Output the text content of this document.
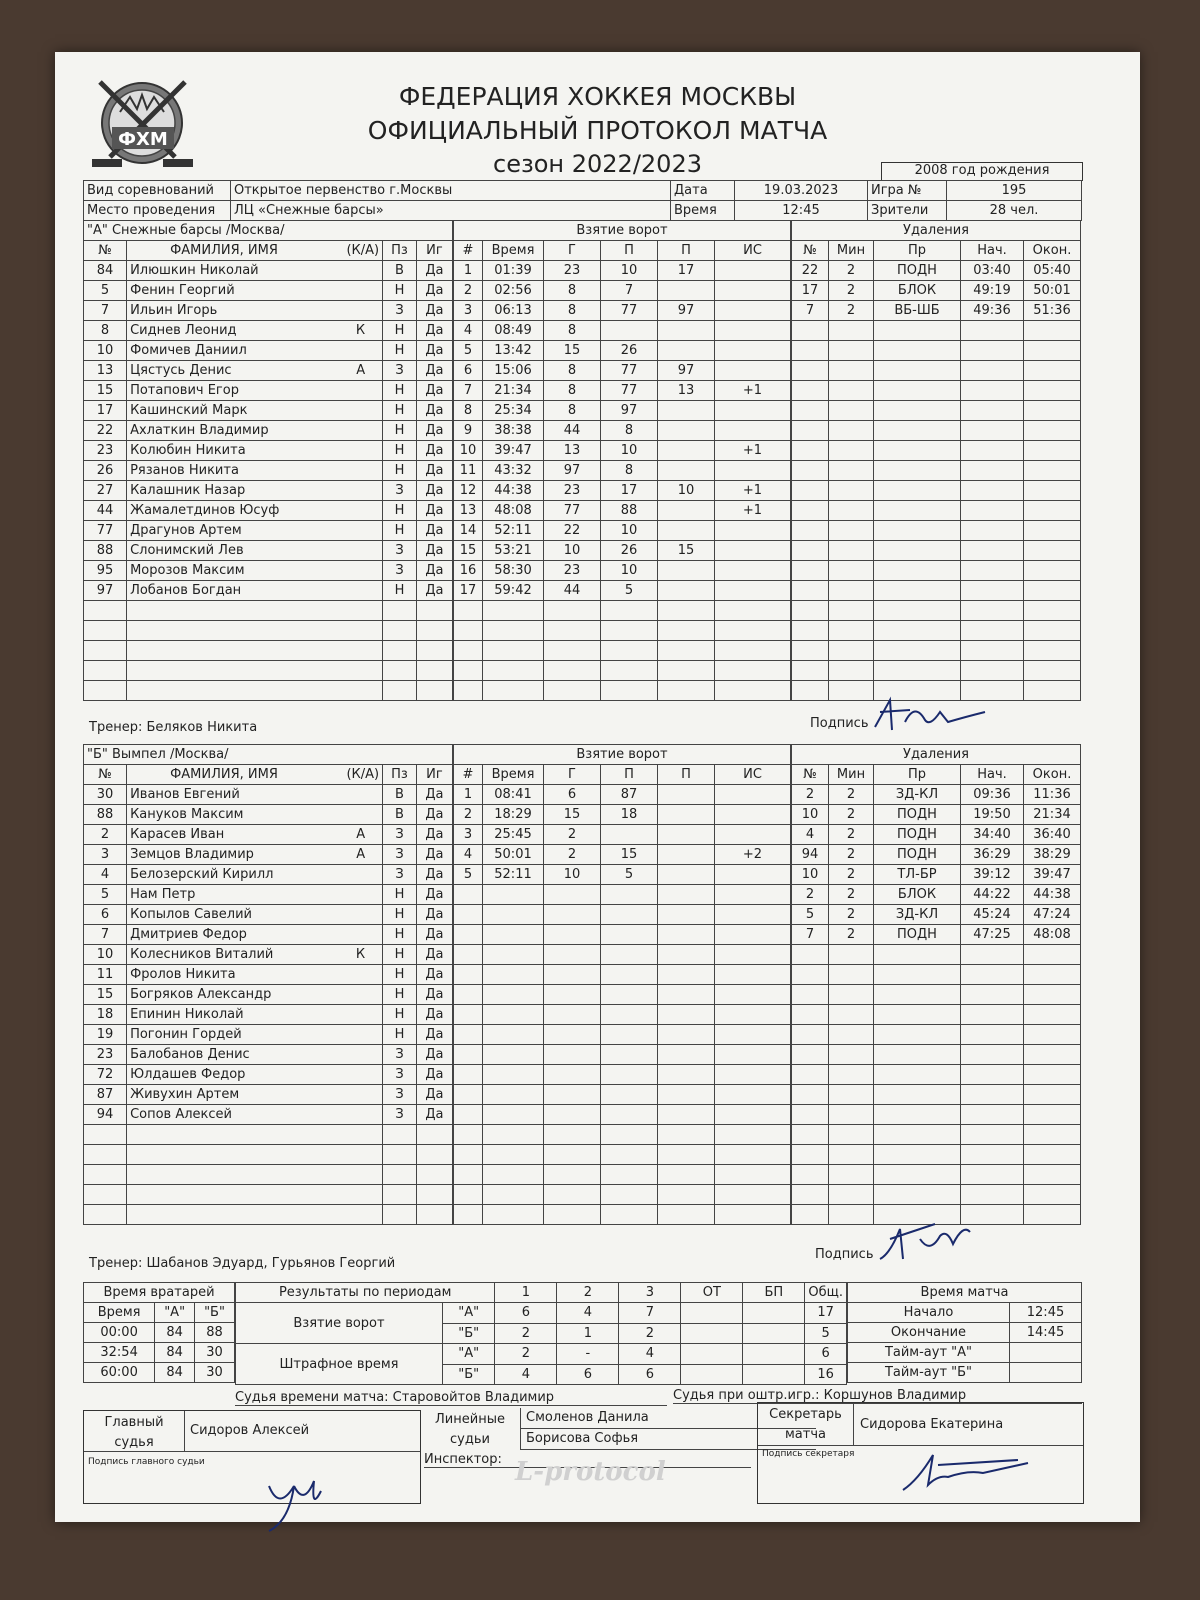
ФХМ
ФЕДЕРАЦИЯ ХОККЕЯ МОСКВЫ
ОФИЦИАЛЬНЫЙ ПРОТОКОЛ МАТЧА
сезон 2022/2023	2008 год рождения
Вид соревнований	Открытое первенство г.Москвы	Дата	19.03.2023	Игра №	195
Место проведения	ЛЦ «Снежные барсы»	Время	12:45	Зрители	28 чел.
"А" Снежные барсы /Москва/			
№	ФАМИЛИЯ, ИМЯ (К/А)	Пз	Иг
84	Илюшкин Николай	В	Да
5	Фенин Георгий	Н	Да
7	Ильин Игорь	З	Да
8	Сиднев Леонид К	Н	Да
10	Фомичев Даниил	Н	Да
13	Цястусь Денис А	З	Да
15	Потапович Егор	Н	Да
17	Кашинский Марк	Н	Да
22	Ахлаткин Владимир	Н	Да
23	Колюбин Никита	Н	Да
26	Рязанов Никита	Н	Да
27	Калашник Назар	З	Да
44	Жамалетдинов Юсуф	Н	Да
77	Драгунов Артем	Н	Да
88	Слонимский Лев	З	Да
95	Морозов Максим	З	Да
97	Лобанов Богдан	Н	Да

Взятие ворот					
#	Время	Г	П	П	ИС
1	01:39	23	10	17	
2	02:56	8	7		
3	06:13	8	77	97	
4	08:49	8			
5	13:42	15	26		
6	15:06	8	77	97	
7	21:34	8	77	13	+1
8	25:34	8	97		
9	38:38	44	8		
10	39:47	13	10		+1
11	43:32	97	8		
12	44:38	23	17	10	+1
13	48:08	77	88		+1
14	52:11	22	10		
15	53:21	10	26	15	
16	58:30	23	10		
17	59:42	44	5		

Удаления				
№	Мин	Пр	Нач.	Окон.
22	2	ПОДН	03:40	05:40
17	2	БЛОК	49:19	50:01
7	2	ВБ-ШБ	49:36	51:36

Тренер: Беляков Никита	Подпись
"Б" Вымпел /Москва/			
№	ФАМИЛИЯ, ИМЯ (К/А)	Пз	Иг
30	Иванов Евгений	В	Да
88	Кануков Максим	В	Да
2	Карасев Иван А	З	Да
3	Земцов Владимир А	З	Да
4	Белозерский Кирилл	З	Да
5	Нам Петр	Н	Да
6	Копылов Савелий	Н	Да
7	Дмитриев Федор	Н	Да
10	Колесников Виталий К	Н	Да
11	Фролов Никита	Н	Да
15	Богряков Александр	Н	Да
18	Епинин Николай	Н	Да
19	Погонин Гордей	Н	Да
23	Балобанов Денис	З	Да
72	Юлдашев Федор	З	Да
87	Живухин Артем	З	Да
94	Сопов Алексей	З	Да

Взятие ворот					
#	Время	Г	П	П	ИС
1	08:41	6	87		
2	18:29	15	18		
3	25:45	2			
4	50:01	2	15		+2
5	52:11	10	5		

Удаления				
№	Мин	Пр	Нач.	Окон.
2	2	ЗД-КЛ	09:36	11:36
10	2	ПОДН	19:50	21:34
4	2	ПОДН	34:40	36:40
94	2	ПОДН	36:29	38:29
10	2	ТЛ-БР	39:12	39:47
2	2	БЛОК	44:22	44:38
5	2	ЗД-КЛ	45:24	47:24
7	2	ПОДН	47:25	48:08

Тренер: Шабанов Эдуард, Гурьянов Георгий
Подпись
Время вратарей		
Время	"А"	"Б"
00:00	84	88
32:54	84	30
60:00	84	30
Результаты по периодам		1	2	3	ОТ	БП	Общ.
Взятие ворот	"А"	6	4	7			17
	"Б"	2	1	2			5
Штрафное время	"А"	2	-	4			6
	"Б"	4	6	6			16
Время матча	
Начало	12:45
Окончание	14:45
Тайм-аут "А"	
Тайм-аут "Б"	
Судья времени матча: Старовойтов Владимир	Судья при оштр.игр.: Коршунов Владимир
Главный
судья
Сидоров Алексей
Подпись главного судьи
Линейные
судьи
Смоленов Данила
Борисова Софья
Инспектор:
Секретарь
матча
Сидорова Екатерина
Подпись секретаря
L-protocol
